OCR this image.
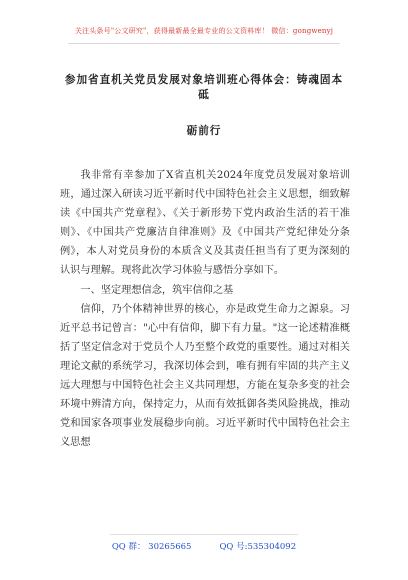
关注头条号"公文研究"，获得最新最全最专业的公文资料库！ 微信：gongwenyj
参加省直机关党员发展对象培训班心得体会：铸魂固本砥
砺前行

我非常有幸参加了X省直机关2024年度党员发展对象培训班，通过深入研读习近平新时代中国特色社会主义思想，细致解读《中国共产党章程》、《关于新形势下党内政治生活的若干准则》、《中国共产党廉洁自律准则》及《中国共产党纪律处分条例》，本人对党员身份的本质含义及其责任担当有了更为深刻的认识与理解。现将此次学习体验与感悟分享如下。

一、坚定理想信念，筑牢信仰之基

信仰，乃个体精神世界的核心，亦是政党生命力之源泉。习近平总书记曾言："心中有信仰，脚下有力量。"这一论述精准概括了坚定信念对于党员个人乃至整个政党的重要性。通过对相关理论文献的系统学习，我深切体会到，唯有拥有牢固的共产主义远大理想与中国特色社会主义共同理想，方能在复杂多变的社会环境中辨清方向，保持定力，从而有效抵御各类风险挑战，推动党和国家各项事业发展稳步向前。习近平新时代中国特色社会主义思想

QQ 群： 30265665	QQ 号:535304092
